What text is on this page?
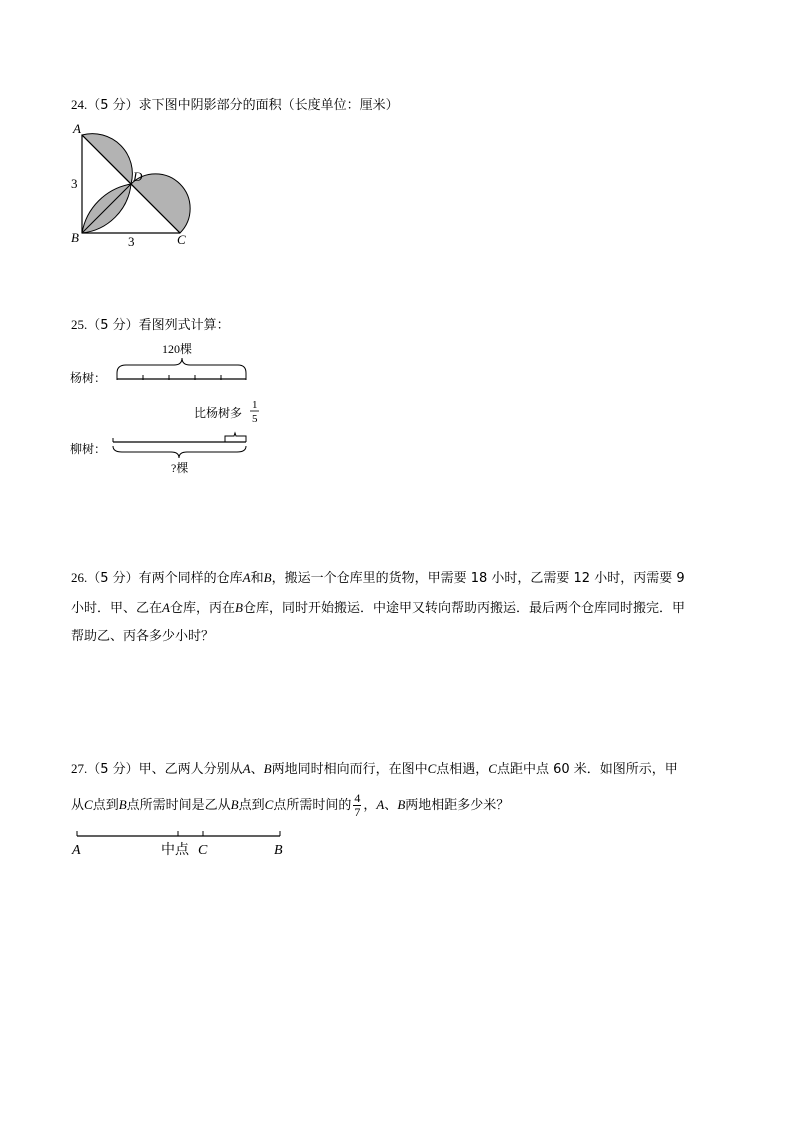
24.（5 分）求下图中阴影部分的面积（长度单位：厘米）
A
D
B	C
3
3
25.（5 分）看图列式计算：
120棵
杨树：
比杨树多
1
5
柳树：
?棵
26.（5 分）有两个同样的仓库A和B，搬运一个仓库里的货物，甲需要 18 小时，乙需要 12 小时，丙需要 9
小时．甲、乙在A仓库，丙在B仓库，同时开始搬运．中途甲又转向帮助丙搬运．最后两个仓库同时搬完．甲
帮助乙、丙各多少小时？
27.（5 分）甲、乙两人分别从A、B两地同时相向而行，在图中C点相遇，C点距中点 60 米．如图所示，甲
从C点到B点所需时间是乙从B点到C点所需时间的 $\frac{4}{7}$ ，A、B两地相距多少米？
A	中点 C	B
